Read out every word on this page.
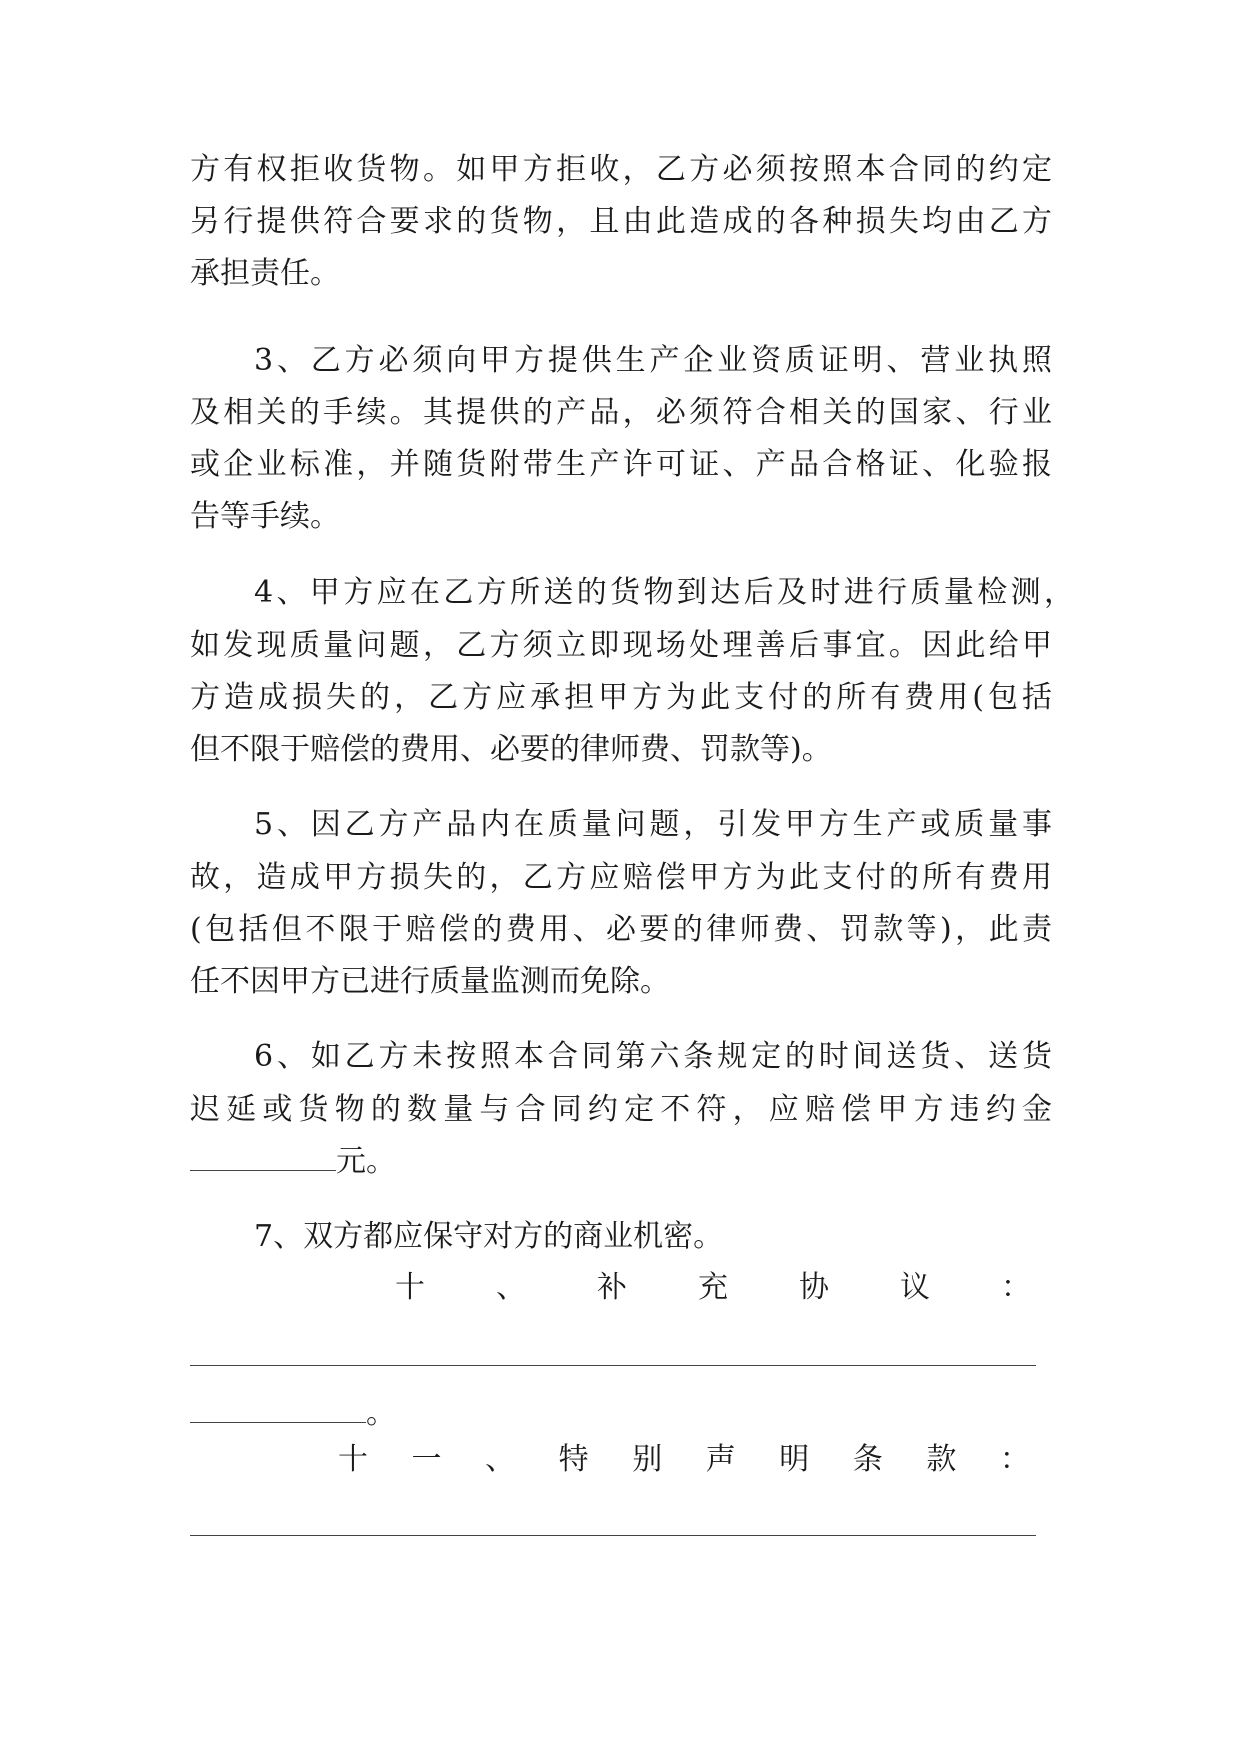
方有权拒收货物。如甲方拒收，乙方必须按照本合同的约定
另行提供符合要求的货物，且由此造成的各种损失均由乙方
承担责任。
3、乙方必须向甲方提供生产企业资质证明、营业执照
及相关的手续。其提供的产品，必须符合相关的国家、行业
或企业标准，并随货附带生产许可证、产品合格证、化验报
告等手续。
4、甲方应在乙方所送的货物到达后及时进行质量检测，
如发现质量问题，乙方须立即现场处理善后事宜。因此给甲
方造成损失的，乙方应承担甲方为此支付的所有费用(包括
但不限于赔偿的费用、必要的律师费、罚款等)。
5、因乙方产品内在质量问题，引发甲方生产或质量事
故，造成甲方损失的，乙方应赔偿甲方为此支付的所有费用
(包括但不限于赔偿的费用、必要的律师费、罚款等)，此责
任不因甲方已进行质量监测而免除。
6、如乙方未按照本合同第六条规定的时间送货、送货
迟延或货物的数量与合同约定不符，应赔偿甲方违约金
元。
7、双方都应保守对方的商业机密。
十 、 补 充 协 议 ：
。
十 一 、 特 别 声 明 条 款 ：
